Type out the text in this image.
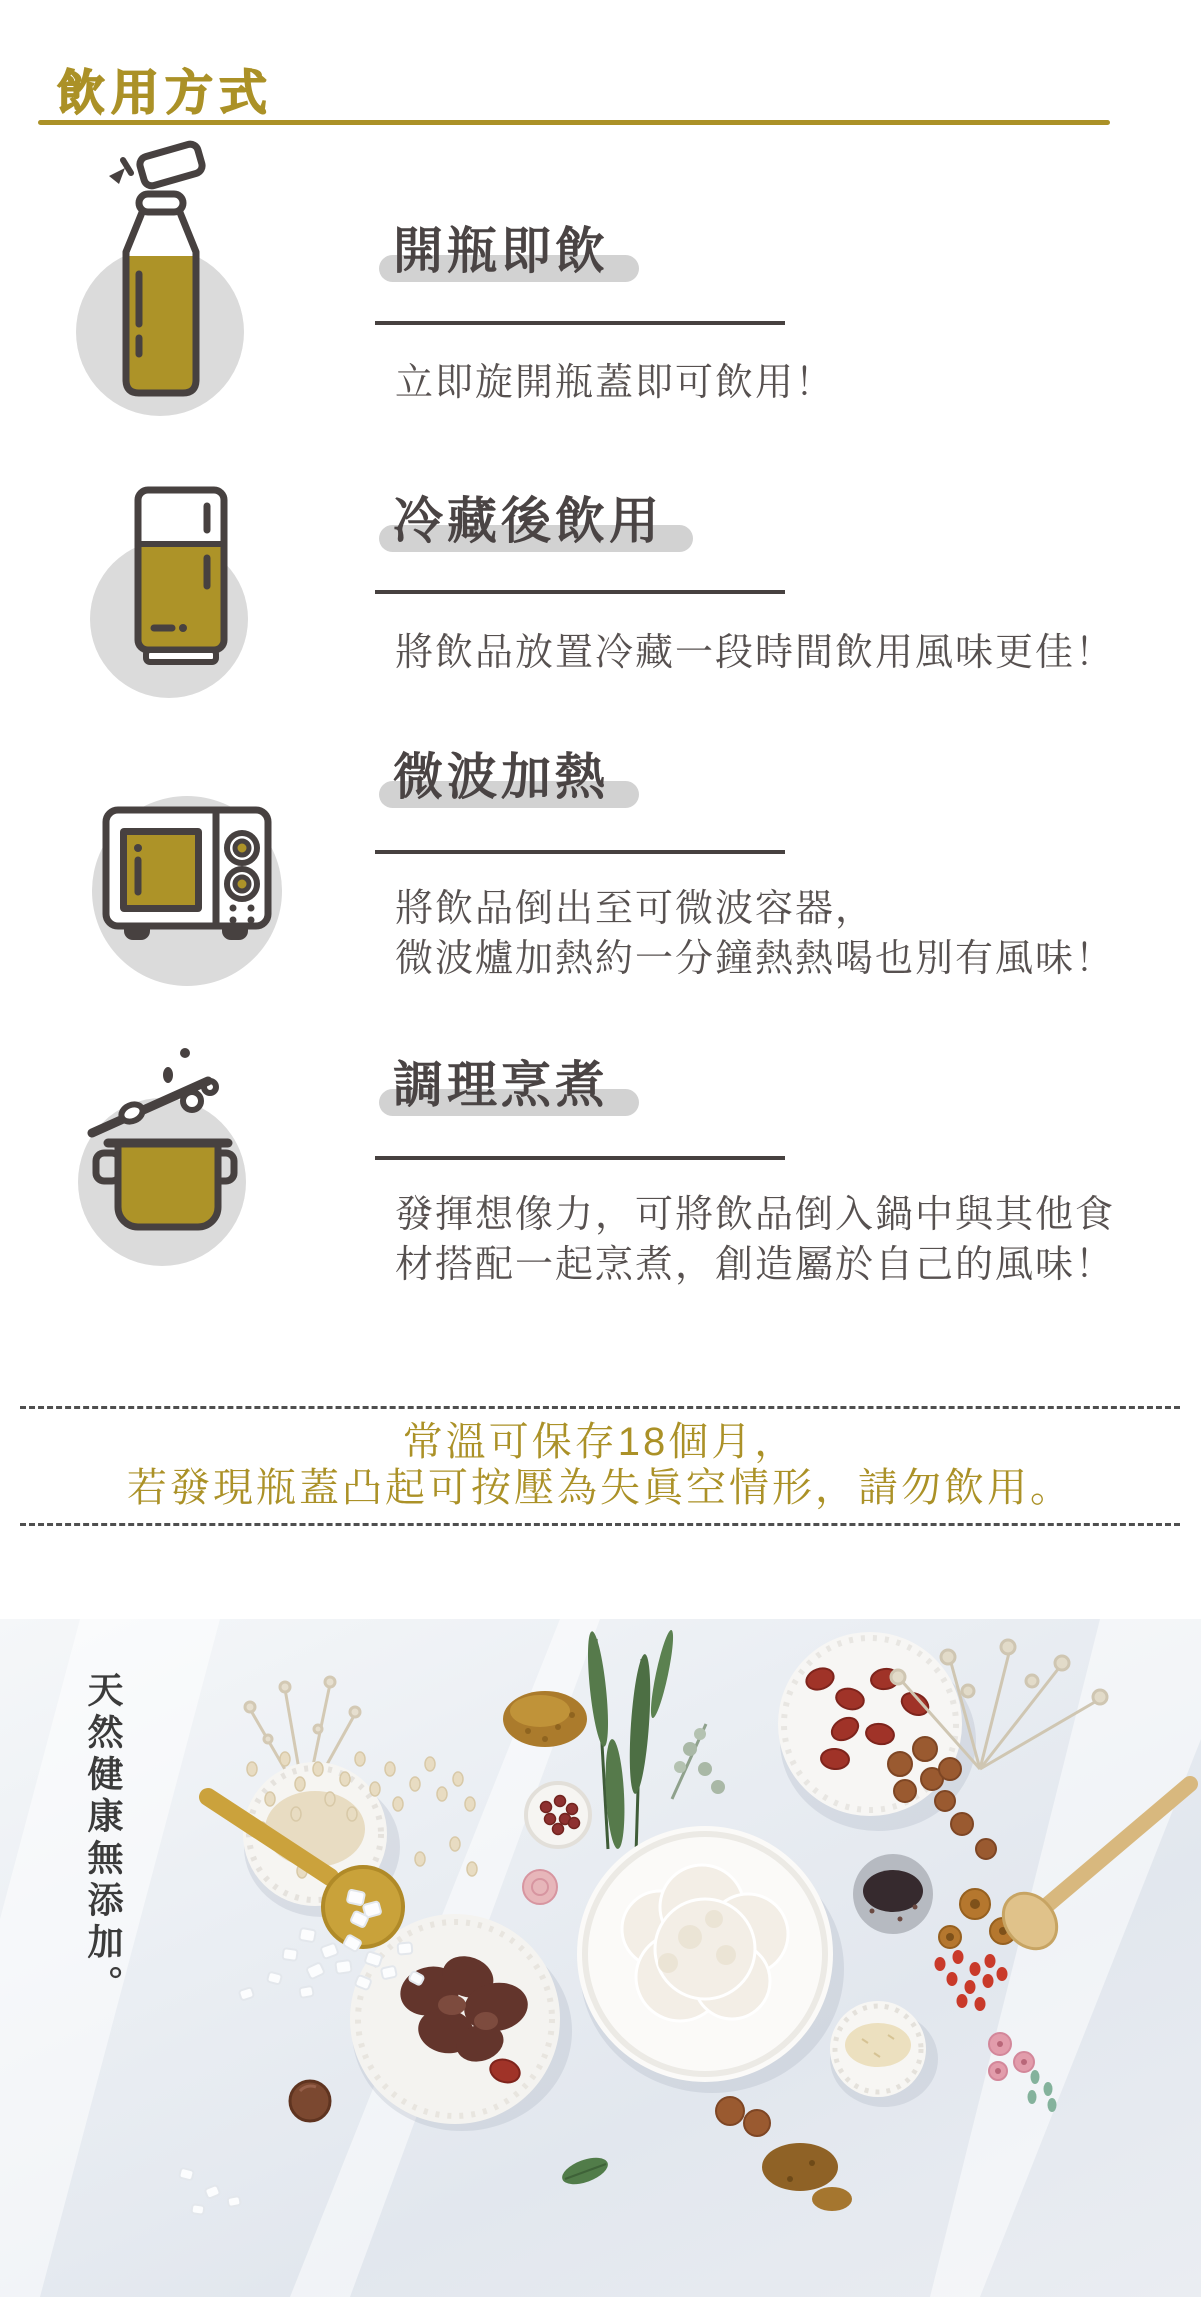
飲用方式
開瓶即飲

立即旋開瓶蓋即可飲用！

冷藏後飲用

將飲品放置冷藏一段時間飲用風味更佳！

微波加熱

將飲品倒出至可微波容器，
微波爐加熱約一分鐘熱熱喝也別有風味！

調理烹煮

發揮想像力，可將飲品倒入鍋中與其他食
材搭配一起烹煮，創造屬於自己的風味！

常溫可保存18個月，
若發現瓶蓋凸起可按壓為失眞空情形，請勿飲用。
天然健康無添加。
